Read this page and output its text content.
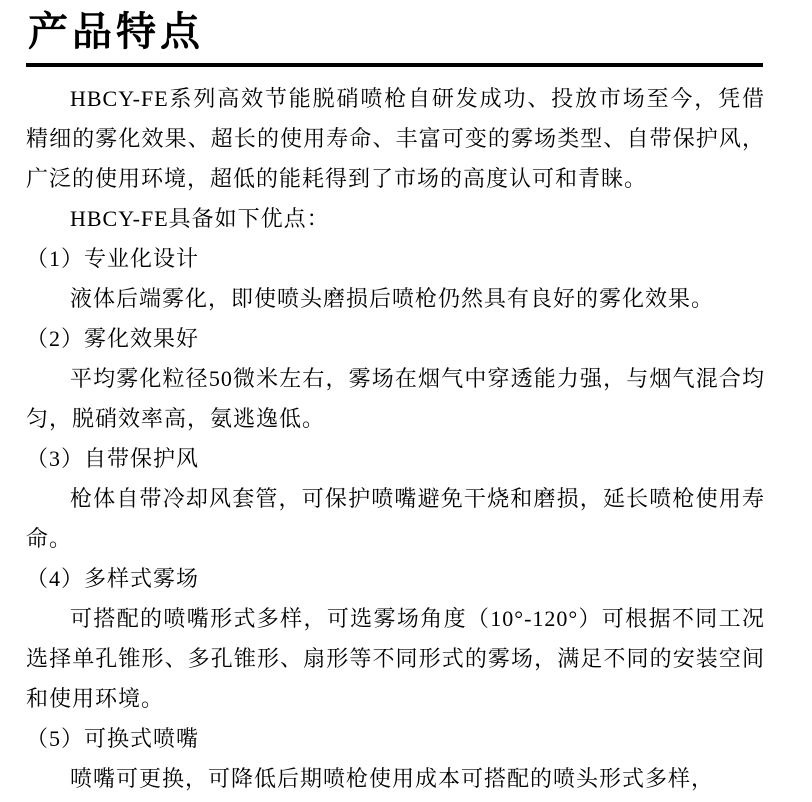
产品特点

HBCY-FE系列高效节能脱硝喷枪自研发成功、投放市场至今，凭借精细的雾化效果、超长的使用寿命、丰富可变的雾场类型、自带保护风，广泛的使用环境，超低的能耗得到了市场的高度认可和青睐。

HBCY-FE具备如下优点：

（1）专业化设计

液体后端雾化，即使喷头磨损后喷枪仍然具有良好的雾化效果。

（2）雾化效果好

平均雾化粒径50微米左右，雾场在烟气中穿透能力强，与烟气混合均匀，脱硝效率高，氨逃逸低。

（3）自带保护风

枪体自带冷却风套管，可保护喷嘴避免干烧和磨损，延长喷枪使用寿命。

（4）多样式雾场

可搭配的喷嘴形式多样，可选雾场角度（10°-120°）可根据不同工况选择单孔锥形、多孔锥形、扇形等不同形式的雾场，满足不同的安装空间和使用环境。

（5）可换式喷嘴

喷嘴可更换，可降低后期喷枪使用成本可搭配的喷头形式多样，
